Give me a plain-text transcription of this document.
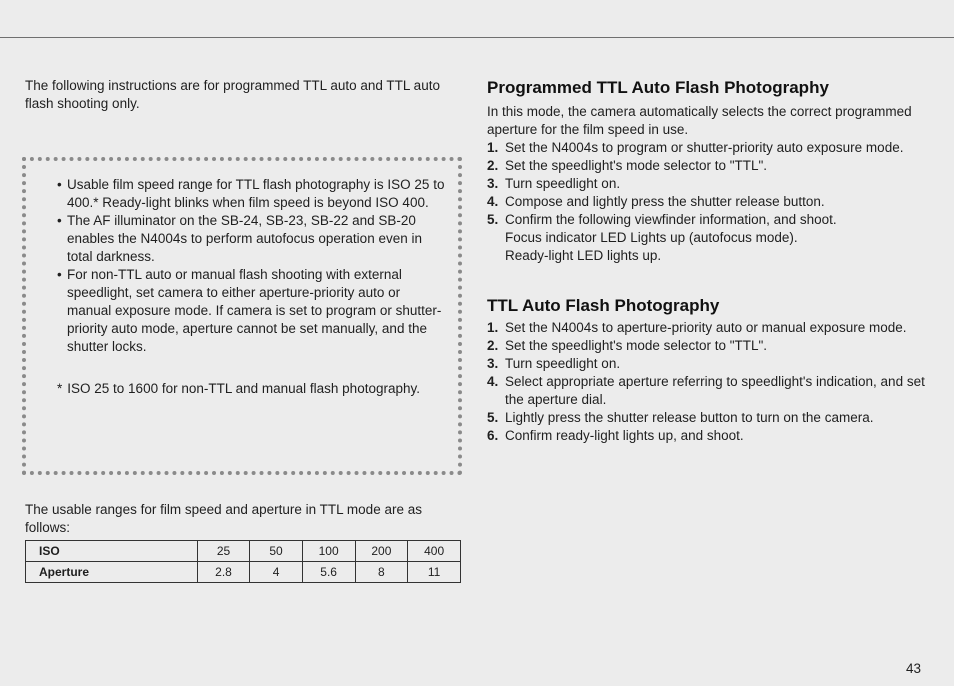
The following instructions are for programmed TTL auto and TTL auto flash shooting only.

• Usable film speed range for TTL flash photography is ISO 25 to 400.* Ready-light blinks when film speed is beyond ISO 400.
• The AF illuminator on the SB-24, SB-23, SB-22 and SB-20 enables the N4004s to perform autofocus operation even in total darkness.
• For non-TTL auto or manual flash shooting with external speedlight, set camera to either aperture-priority auto or manual exposure mode. If camera is set to program or shutter-priority auto mode, aperture cannot be set manually, and the shutter locks.

* ISO 25 to 1600 for non-TTL and manual flash photography.

The usable ranges for film speed and aperture in TTL mode are as follows:

ISO	25	50	100	200	400
Aperture	2.8	4	5.6	8	11
Programmed TTL Auto Flash Photography

In this mode, the camera automatically selects the correct programmed aperture for the film speed in use.

1. Set the N4004s to program or shutter-priority auto exposure mode.
2. Set the speedlight's mode selector to "TTL".
3. Turn speedlight on.
4. Compose and lightly press the shutter release button.
5. Confirm the following viewfinder information, and shoot.
Focus indicator LED Lights up (autofocus mode).
Ready-light LED lights up.
TTL Auto Flash Photography
1. Set the N4004s to aperture-priority auto or manual exposure mode.
2. Set the speedlight's mode selector to "TTL".
3. Turn speedlight on.
4. Select appropriate aperture referring to speedlight's indication, and set the aperture dial.
5. Lightly press the shutter release button to turn on the camera.
6. Confirm ready-light lights up, and shoot.
43
